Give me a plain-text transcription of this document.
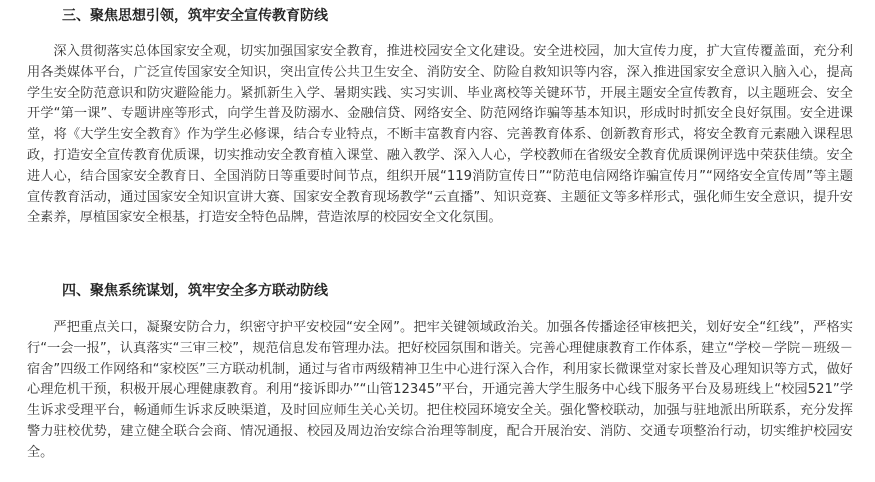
三、聚焦思想引领，筑牢安全宣传教育防线

深入贯彻落实总体国家安全观，切实加强国家安全教育，推进校园安全文化建设。安全进校园，加大宣传力度，扩大宣传覆盖面，充分利用各类媒体平台，广泛宣传国家安全知识，突出宣传公共卫生安全、消防安全、防险自救知识等内容，深入推进国家安全意识入脑入心，提高学生安全防范意识和防灾避险能力。紧抓新生入学、暑期实践、实习实训、毕业离校等关键环节，开展主题安全宣传教育，以主题班会、安全开学“第一课”、专题讲座等形式，向学生普及防溺水、金融信贷、网络安全、防范网络诈骗等基本知识，形成时时抓安全良好氛围。安全进课堂，将《大学生安全教育》作为学生必修课，结合专业特点，不断丰富教育内容、完善教育体系、创新教育形式，将安全教育元素融入课程思政，打造安全宣传教育优质课，切实推动安全教育植入课堂、融入教学、深入人心，学校教师在省级安全教育优质课例评选中荣获佳绩。安全进人心，结合国家安全教育日、全国消防日等重要时间节点，组织开展“119消防宣传日”“防范电信网络诈骗宣传月”“网络安全宣传周”等主题宣传教育活动，通过国家安全知识宣讲大赛、国家安全教育现场教学“云直播”、知识竞赛、主题征文等多样形式，强化师生安全意识，提升安全素养，厚植国家安全根基，打造安全特色品牌，营造浓厚的校园安全文化氛围。

四、聚焦系统谋划，筑牢安全多方联动防线

严把重点关口，凝聚安防合力，织密守护平安校园“安全网”。把牢关键领域政治关。加强各传播途径审核把关，划好安全“红线”，严格实行“一会一报”，认真落实“三审三校”，规范信息发布管理办法。把好校园氛围和谐关。完善心理健康教育工作体系，建立“学校－学院－班级－宿舍”四级工作网络和“家校医”三方联动机制，通过与省市两级精神卫生中心进行深入合作，利用家长微课堂对家长普及心理知识等方式，做好心理危机干预，积极开展心理健康教育。利用“接诉即办”“山管12345”平台，开通完善大学生服务中心线下服务平台及易班线上“校园521”学生诉求受理平台，畅通师生诉求反映渠道，及时回应师生关心关切。把住校园环境安全关。强化警校联动，加强与驻地派出所联系，充分发挥警力驻校优势，建立健全联合会商、情况通报、校园及周边治安综合治理等制度，配合开展治安、消防、交通专项整治行动，切实维护校园安全。
